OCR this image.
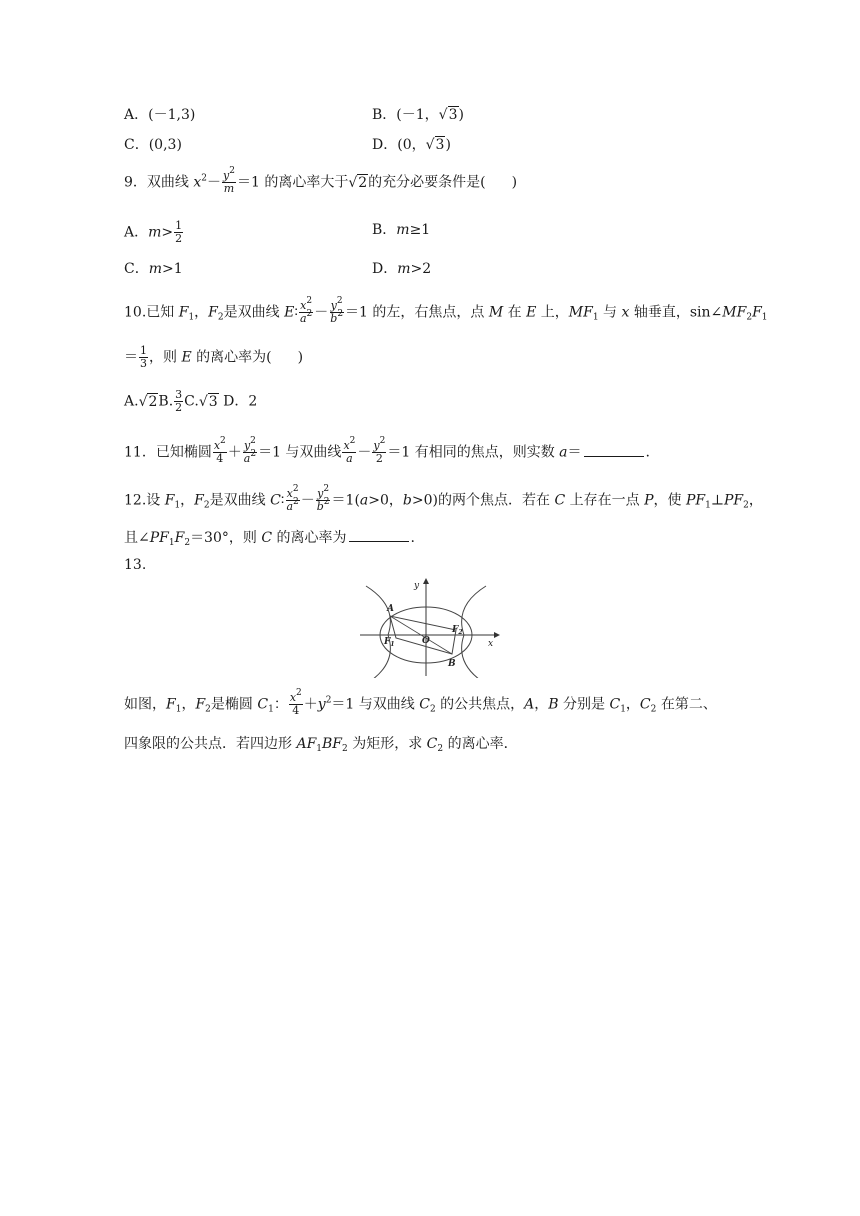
A．(－1,3)	B．(－1，√3)
C．(0,3)	D．(0，√3)
9．双曲线 $x^2- \frac{y^2}{m} =1$ 的离心率大于√2的充分必要条件是( )
A．$m> \frac{1}{2}$	B．m≥1
C．m>1	D．m>2
10.已知 $F_1$，$F_2$是双曲线 E∶ $\frac{x^2}{a^2} - \frac{y^2}{b^2} =1$ 的左，右焦点，点 M 在 E 上，$MF_1$ 与 x 轴垂直，$\sin\angle MF_2F_1$
＝ $\frac{1}{3}$ ，则 E 的离心率为( )
A.√2B. $\frac{3}{2} C.√3$ D．2
11．已知椭圆 $\frac{x^2}{4} + \frac{y^2}{a^2} =1$ 与双曲线 $\frac{x^2}{a} - \frac{y^2}{2} =1$ 有相同的焦点，则实数 a＝	.
12.设 $F_1$，$F_2$是双曲线 C∶ $\frac{x^2}{a^2} - \frac{y^2}{b^2} =1(a>0$，b>0)的两个焦点．若在 C 上存在一点 P，使 $PF_1\perp PF_2$，
且$\angle PF_1F_2=30^\circ$，则 C 的离心率为	.
13.
y
x
A
B
O
$F_1$
$F_2$
如图，$F_1$，$F_2$是椭圆 $C_1$： $\frac{x^2}{4} +y^2=1$ 与双曲线 $C_2$ 的公共焦点，A，B 分别是 $C_1$，$C_2$ 在第二、
四象限的公共点．若四边形 $AF_1BF_2$ 为矩形，求 $C_2$ 的离心率．
